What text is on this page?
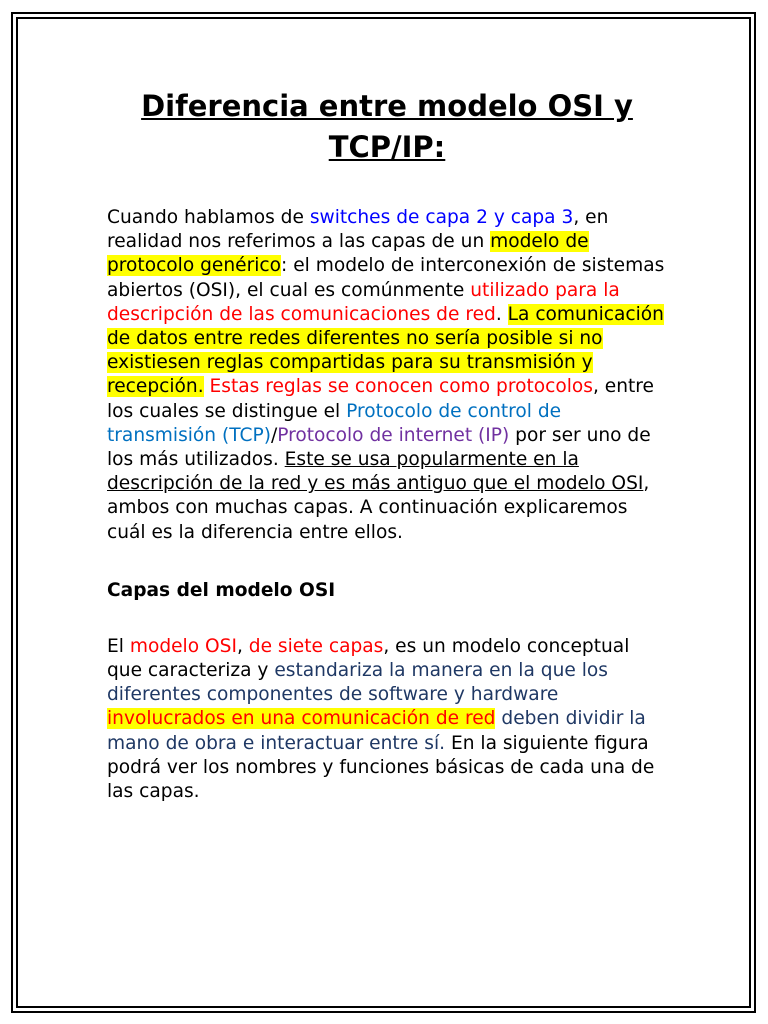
Diferencia entre modelo OSI y TCP/IP:

Cuando hablamos de switches de capa 2 y capa 3, en realidad nos referimos a las capas de un modelo de protocolo genérico: el modelo de interconexión de sistemas abiertos (OSI), el cual es comúnmente utilizado para la descripción de las comunicaciones de red. La comunicación de datos entre redes diferentes no sería posible si no existiesen reglas compartidas para su transmisión y recepción. Estas reglas se conocen como protocolos, entre los cuales se distingue el Protocolo de control de transmisión (TCP)/Protocolo de internet (IP) por ser uno de los más utilizados. Este se usa popularmente en la descripción de la red y es más antiguo que el modelo OSI, ambos con muchas capas. A continuación explicaremos cuál es la diferencia entre ellos.

Capas del modelo OSI

El modelo OSI, de siete capas, es un modelo conceptual que caracteriza y estandariza la manera en la que los diferentes componentes de software y hardware involucrados en una comunicación de red deben dividir la mano de obra e interactuar entre sí. En la siguiente figura podrá ver los nombres y funciones básicas de cada una de las capas.
